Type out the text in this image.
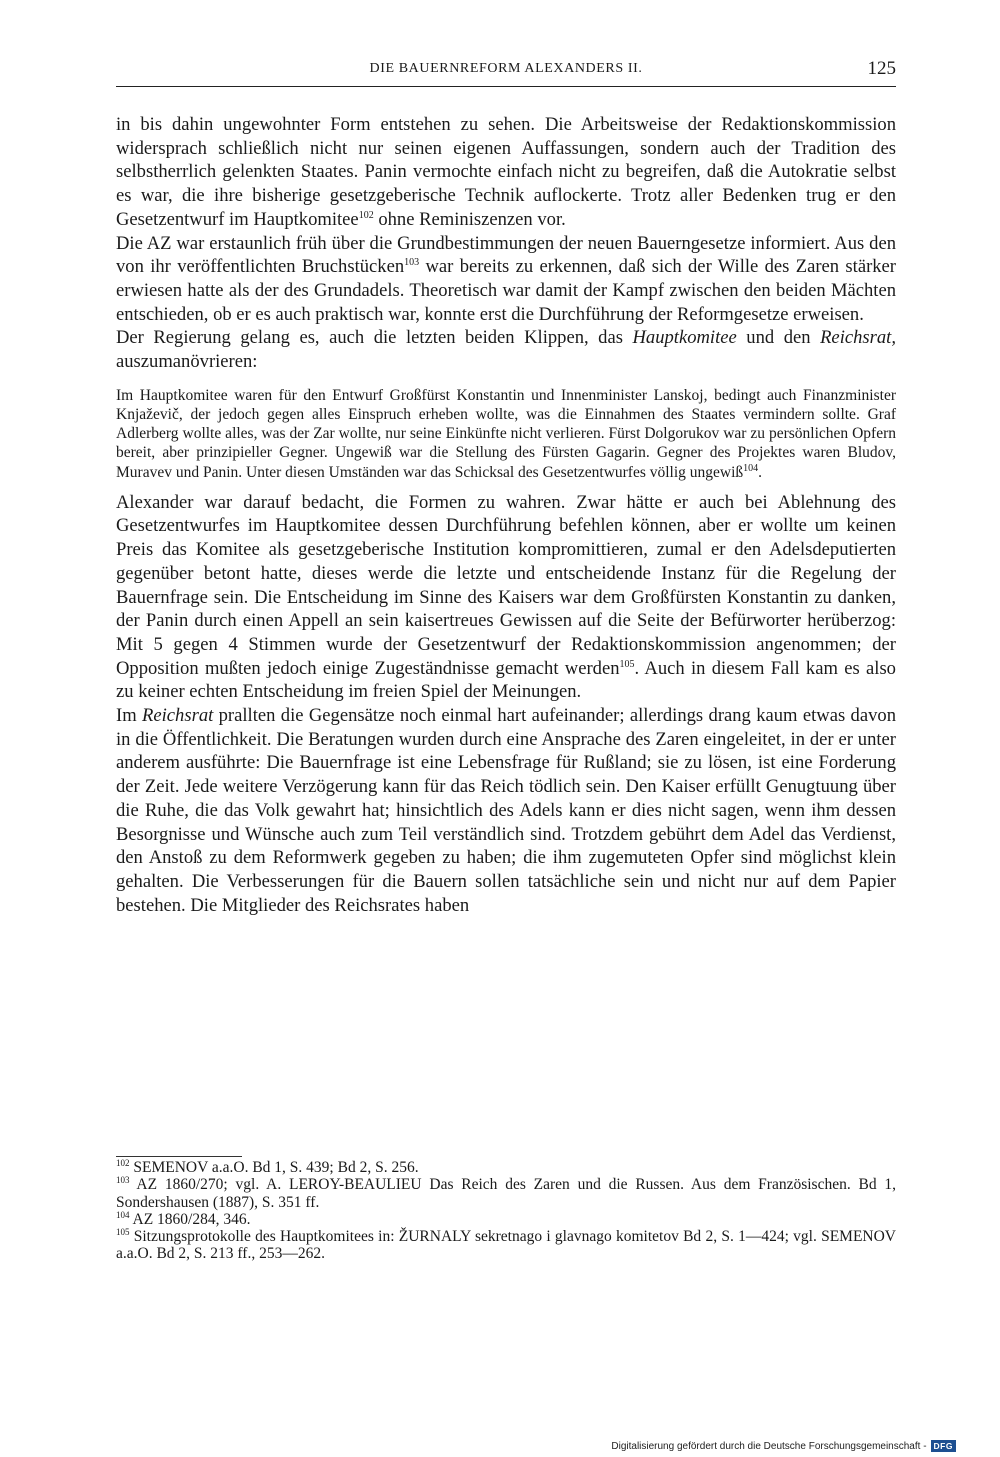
DIE BAUERNREFORM ALEXANDERS II.	125

in bis dahin ungewohnter Form entstehen zu sehen. Die Arbeitsweise der Redaktionskommission widersprach schließlich nicht nur seinen eigenen Auffassungen, sondern auch der Tradition des selbstherrlich gelenkten Staates. Panin vermochte einfach nicht zu begreifen, daß die Autokratie selbst es war, die ihre bisherige gesetzgeberische Technik auflockerte. Trotz aller Bedenken trug er den Gesetzentwurf im Hauptkomitee$^{102}$ ohne Reminiszenzen vor.

Die AZ war erstaunlich früh über die Grundbestimmungen der neuen Bauerngesetze informiert. Aus den von ihr veröffentlichten Bruchstücken$^{103}$ war bereits zu erkennen, daß sich der Wille des Zaren stärker erwiesen hatte als der des Grundadels. Theoretisch war damit der Kampf zwischen den beiden Mächten entschieden, ob er es auch praktisch war, konnte erst die Durchführung der Reformgesetze erweisen.

Der Regierung gelang es, auch die letzten beiden Klippen, das Hauptkomitee und den Reichsrat, auszumanövrieren:

Im Hauptkomitee waren für den Entwurf Großfürst Konstantin und Innenminister Lanskoj, bedingt auch Finanzminister Knjaževič, der jedoch gegen alles Einspruch erheben wollte, was die Einnahmen des Staates vermindern sollte. Graf Adlerberg wollte alles, was der Zar wollte, nur seine Einkünfte nicht verlieren. Fürst Dolgorukov war zu persönlichen Opfern bereit, aber prinzipieller Gegner. Ungewiß war die Stellung des Fürsten Gagarin. Gegner des Projektes waren Bludov, Muravev und Panin. Unter diesen Umständen war das Schicksal des Gesetzentwurfes völlig ungewiß$^{104}$.

Alexander war darauf bedacht, die Formen zu wahren. Zwar hätte er auch bei Ablehnung des Gesetzentwurfes im Hauptkomitee dessen Durchführung befehlen können, aber er wollte um keinen Preis das Komitee als gesetzgeberische Institution kompromittieren, zumal er den Adelsdeputierten gegenüber betont hatte, dieses werde die letzte und entscheidende Instanz für die Regelung der Bauernfrage sein. Die Entscheidung im Sinne des Kaisers war dem Großfürsten Konstantin zu danken, der Panin durch einen Appell an sein kaisertreues Gewissen auf die Seite der Befürworter herüberzog: Mit 5 gegen 4 Stimmen wurde der Gesetzentwurf der Redaktionskommission angenommen; der Opposition mußten jedoch einige Zugeständnisse gemacht werden$^{105}$. Auch in diesem Fall kam es also zu keiner echten Entscheidung im freien Spiel der Meinungen.

Im Reichsrat prallten die Gegensätze noch einmal hart aufeinander; allerdings drang kaum etwas davon in die Öffentlichkeit. Die Beratungen wurden durch eine Ansprache des Zaren eingeleitet, in der er unter anderem ausführte: Die Bauernfrage ist eine Lebensfrage für Rußland; sie zu lösen, ist eine Forderung der Zeit. Jede weitere Verzögerung kann für das Reich tödlich sein. Den Kaiser erfüllt Genugtuung über die Ruhe, die das Volk gewahrt hat; hinsichtlich des Adels kann er dies nicht sagen, wenn ihm dessen Besorgnisse und Wünsche auch zum Teil verständlich sind. Trotzdem gebührt dem Adel das Verdienst, den Anstoß zu dem Reformwerk gegeben zu haben; die ihm zugemuteten Opfer sind möglichst klein gehalten. Die Verbesserungen für die Bauern sollen tatsächliche sein und nicht nur auf dem Papier bestehen. Die Mitglieder des Reichsrates haben

$^{102}$ SEMENOV a.a.O. Bd 1, S. 439; Bd 2, S. 256.

$^{103}$ AZ 1860/270; vgl. A. LEROY-BEAULIEU Das Reich des Zaren und die Russen. Aus dem Französischen. Bd 1, Sondershausen (1887), S. 351 ff.

$^{104}$ AZ 1860/284, 346.

$^{105}$ Sitzungsprotokolle des Hauptkomitees in: ŽURNALY sekretnago i glavnago komitetov Bd 2, S. 1—424; vgl. SEMENOV a.a.O. Bd 2, S. 213 ff., 253—262.

Digitalisierung gefördert durch die Deutsche Forschungsgemeinschaft - DFG
